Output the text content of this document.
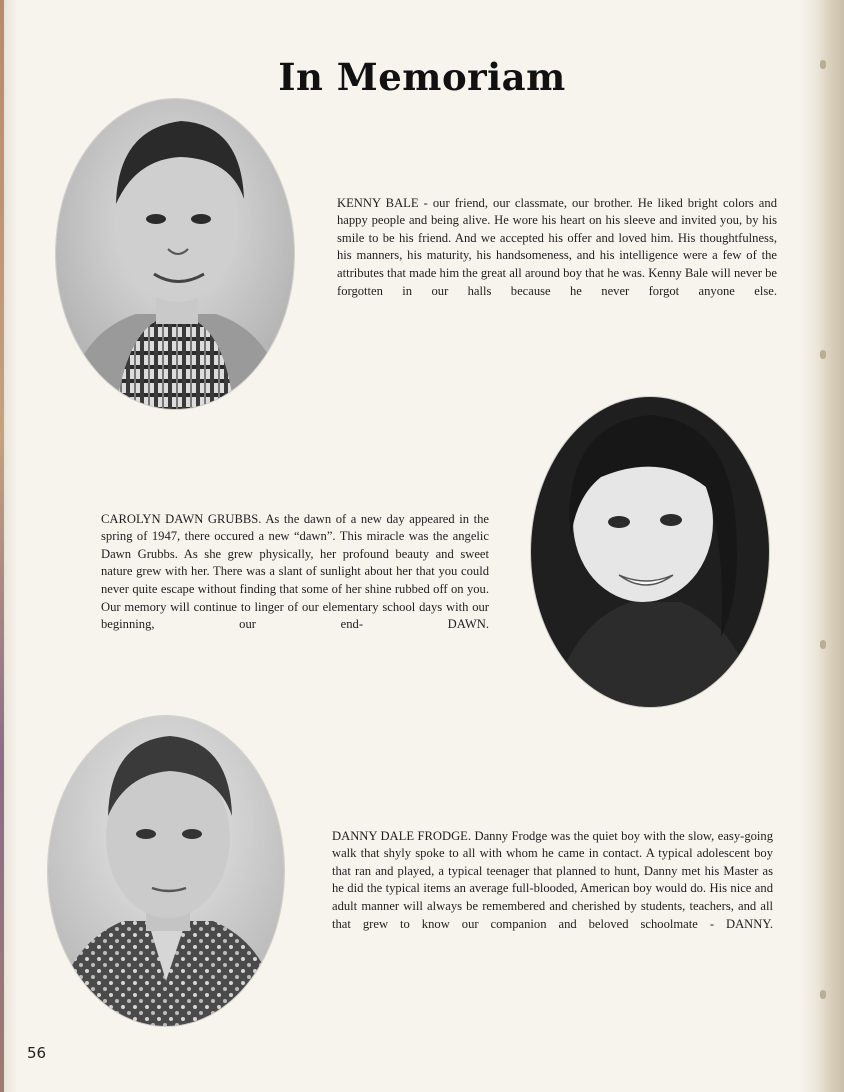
In Memoriam

KENNY BALE - our friend, our classmate, our brother. He liked bright colors and happy people and being alive. He wore his heart on his sleeve and invited you, by his smile to be his friend. And we accepted his offer and loved him. His thoughtfulness, his manners, his maturity, his handsomeness, and his intelligence were a few of the attributes that made him the great all around boy that he was. Kenny Bale will never be forgotten in our halls because he never forgot anyone else.

CAROLYN DAWN GRUBBS. As the dawn of a new day appeared in the spring of 1947, there occured a new “dawn”. This miracle was the angelic Dawn Grubbs. As she grew physically, her profound beauty and sweet nature grew with her. There was a slant of sunlight about her that you could never quite escape without finding that some of her shine rubbed off on you. Our memory will continue to linger of our elementary school days with our beginning, our end- DAWN.

DANNY DALE FRODGE. Danny Frodge was the quiet boy with the slow, easy-going walk that shyly spoke to all with whom he came in contact. A typical adolescent boy that ran and played, a typical teenager that planned to hunt, Danny met his Master as he did the typical items an average full-blooded, American boy would do. His nice and adult manner will always be remembered and cherished by students, teachers, and all that grew to know our companion and beloved schoolmate - DANNY.

56
